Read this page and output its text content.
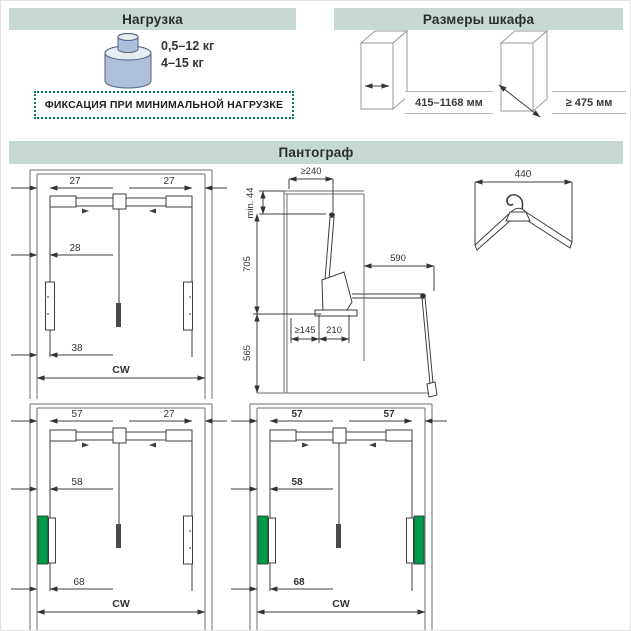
Нагрузка	Размеры шкафа
Пантограф
0,5–12 кг
4–15 кг
ФИКСАЦИЯ ПРИ МИНИМАЛЬНОЙ НАГРУЗКЕ	415–1168 мм	≥ 475 мм
27	27
28
38
CW
≥240
min. 44
705
565
590
≥145 210
440
57	27
58
68
CW
57	57
58
68
CW
